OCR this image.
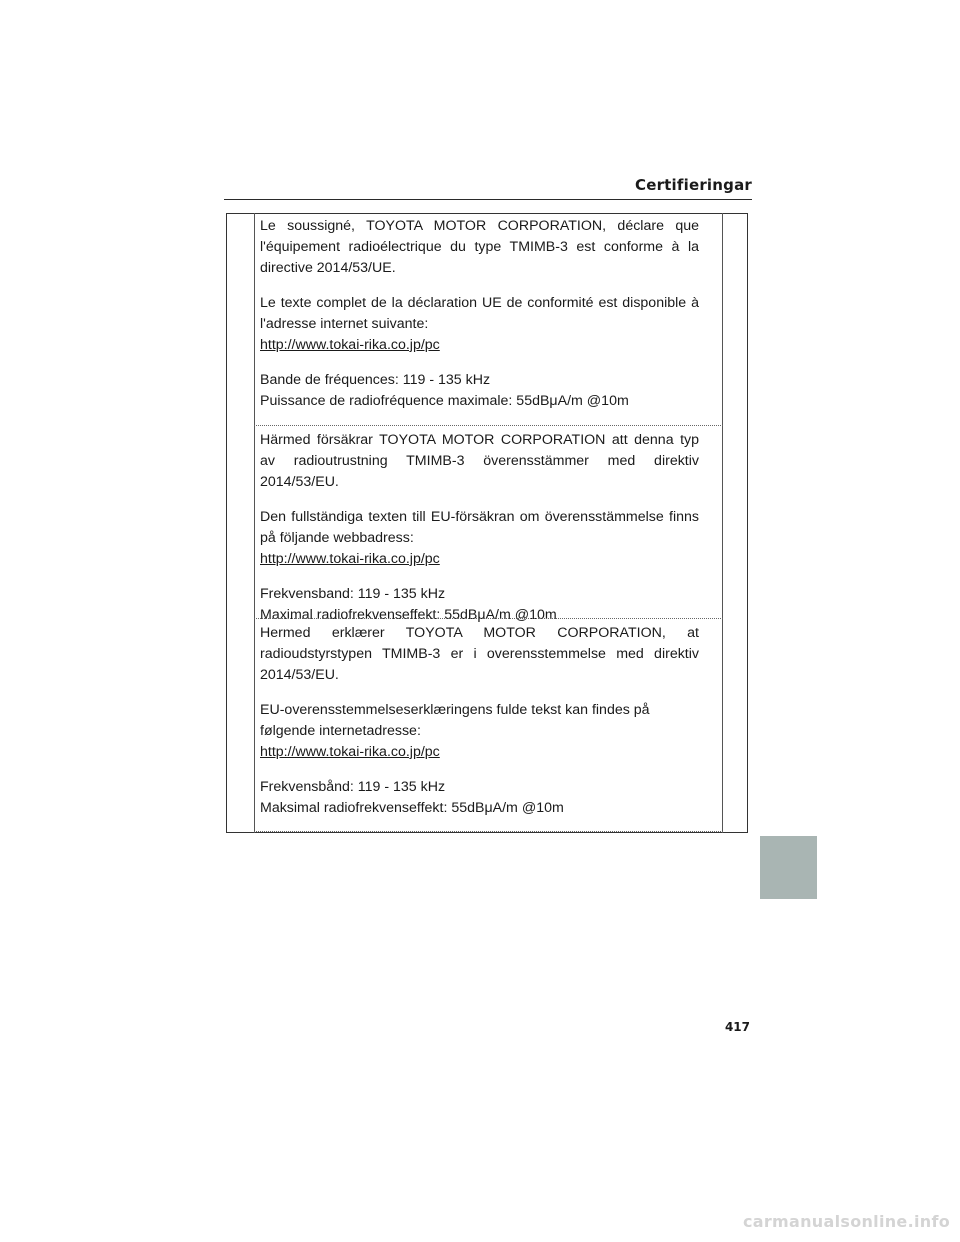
Certifieringar

Le soussigné, TOYOTA MOTOR CORPORATION, déclare que l'équipement radioélectrique du type TMIMB-3 est conforme à la directive 2014/53/UE.

Le texte complet de la déclaration UE de conformité est disponible à l'adresse internet suivante:

http://www.tokai-rika.co.jp/pc

Bande de fréquences: 119 - 135 kHz

Puissance de radiofréquence maximale: 55dBμA/m @10m

Härmed försäkrar TOYOTA MOTOR CORPORATION att denna typ av radioutrustning TMIMB-3 överensstämmer med direktiv 2014/53/EU.

Den fullständiga texten till EU-försäkran om överensstämmelse finns på följande webbadress:

http://www.tokai-rika.co.jp/pc

Frekvensband: 119 - 135 kHz

Maximal radiofrekvenseffekt: 55dBμA/m @10m

Hermed erklærer TOYOTA MOTOR CORPORATION, at radioudstyrstypen TMIMB-3 er i overensstemmelse med direktiv 2014/53/EU.

EU-overensstemmelseserklæringens fulde tekst kan findes på

følgende internetadresse:

http://www.tokai-rika.co.jp/pc

Frekvensbånd: 119 - 135 kHz

Maksimal radiofrekvenseffekt: 55dBμA/m @10m

417
carmanualsonline.info
